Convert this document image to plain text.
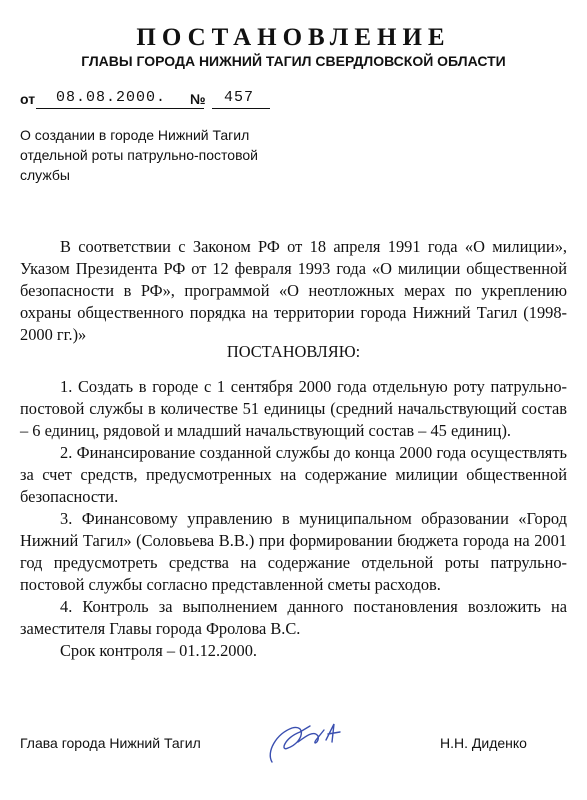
ПОСТАНОВЛЕНИЕ
ГЛАВЫ ГОРОДА НИЖНИЙ ТАГИЛ СВЕРДЛОВСКОЙ ОБЛАСТИ
от 08.08.2000. № 457
О создании в городе Нижний Тагил
отдельной роты патрульно-постовой
службы

В соответствии с Законом РФ от 18 апреля 1991 года «О милиции», Указом Президента РФ от 12 февраля 1993 года «О милиции общественной безопасности в РФ», программой «О неотложных мерах по укреплению охраны общественного порядка на территории города Нижний Тагил (1998-2000 гг.)»

ПОСТАНОВЛЯЮ:

1. Создать в городе с 1 сентября 2000 года отдельную роту патрульно-постовой службы в количестве 51 единицы (средний начальствующий состав – 6 единиц, рядовой и младший начальствующий состав – 45 единиц).

2. Финансирование созданной службы до конца 2000 года осуществлять за счет средств, предусмотренных на содержание милиции общественной безопасности.

3. Финансовому управлению в муниципальном образовании «Город Нижний Тагил» (Соловьева В.В.) при формировании бюджета города на 2001 год предусмотреть средства на содержание отдельной роты патрульно-постовой службы согласно представленной сметы расходов.

4. Контроль за выполнением данного постановления возложить на заместителя Главы города Фролова В.С.

Срок контроля – 01.12.2000.

Глава города Нижний Тагил	Н.Н. Диденко
